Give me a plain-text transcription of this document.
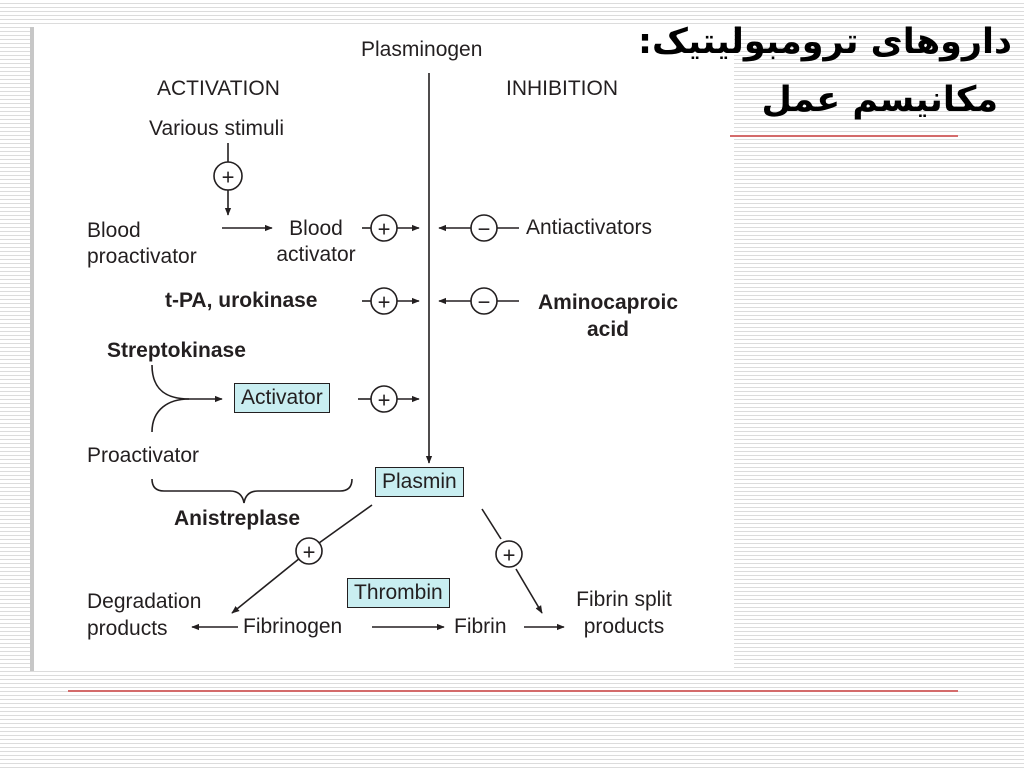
+
+	−
+	−
+
+	+
Plasminogen
ACTIVATION	INHIBITION
Various stimuli
Blood proactivator
Blood activator
Antiactivators
t-PA, urokinase	Aminocaproic acid
Streptokinase
Activator
Proactivator
Plasmin
Anistreplase
Thrombin
Degradation products	Fibrinogen	Fibrin
Fibrin split products
داروهای ترومبولیتیک:
مکانیسم عمل
